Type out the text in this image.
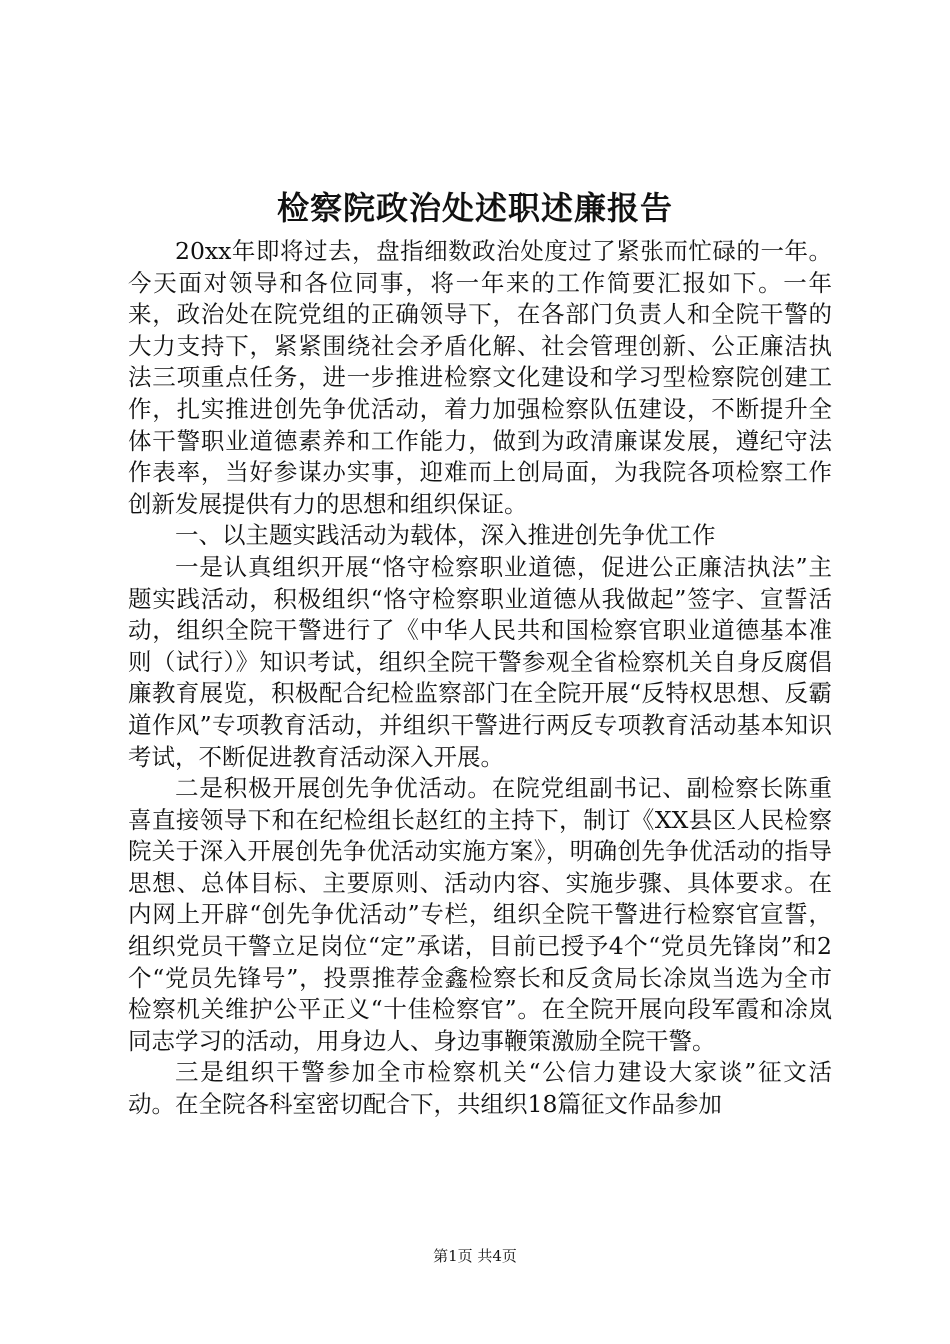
检察院政治处述职述廉报告

20xx年即将过去，盘指细数政治处度过了紧张而忙碌的一年。今天面对领导和各位同事，将一年来的工作简要汇报如下。一年来，政治处在院党组的正确领导下，在各部门负责人和全院干警的大力支持下，紧紧围绕社会矛盾化解、社会管理创新、公正廉洁执法三项重点任务，进一步推进检察文化建设和学习型检察院创建工作，扎实推进创先争优活动，着力加强检察队伍建设，不断提升全体干警职业道德素养和工作能力，做到为政清廉谋发展，遵纪守法作表率，当好参谋办实事，迎难而上创局面，为我院各项检察工作创新发展提供有力的思想和组织保证。

一、以主题实践活动为载体，深入推进创先争优工作

一是认真组织开展“恪守检察职业道德，促进公正廉洁执法”主题实践活动，积极组织“恪守检察职业道德从我做起”签字、宣誓活动，组织全院干警进行了《中华人民共和国检察官职业道德基本准则（试行）》知识考试，组织全院干警参观全省检察机关自身反腐倡廉教育展览，积极配合纪检监察部门在全院开展“反特权思想、反霸道作风”专项教育活动，并组织干警进行两反专项教育活动基本知识考试，不断促进教育活动深入开展。

二是积极开展创先争优活动。在院党组副书记、副检察长陈重喜直接领导下和在纪检组长赵红的主持下，制订《XX县区人民检察院关于深入开展创先争优活动实施方案》，明确创先争优活动的指导思想、总体目标、主要原则、活动内容、实施步骤、具体要求。在内网上开辟“创先争优活动”专栏，组织全院干警进行检察官宣誓，组织党员干警立足岗位“定”承诺，目前已授予4个“党员先锋岗”和2个“党员先锋号”，投票推荐金鑫检察长和反贪局长凃岚当选为全市检察机关维护公平正义“十佳检察官”。在全院开展向段军霞和凃岚同志学习的活动，用身边人、身边事鞭策激励全院干警。

三是组织干警参加全市检察机关“公信力建设大家谈”征文活动。在全院各科室密切配合下，共组织18篇征文作品参加

第1页 共4页
